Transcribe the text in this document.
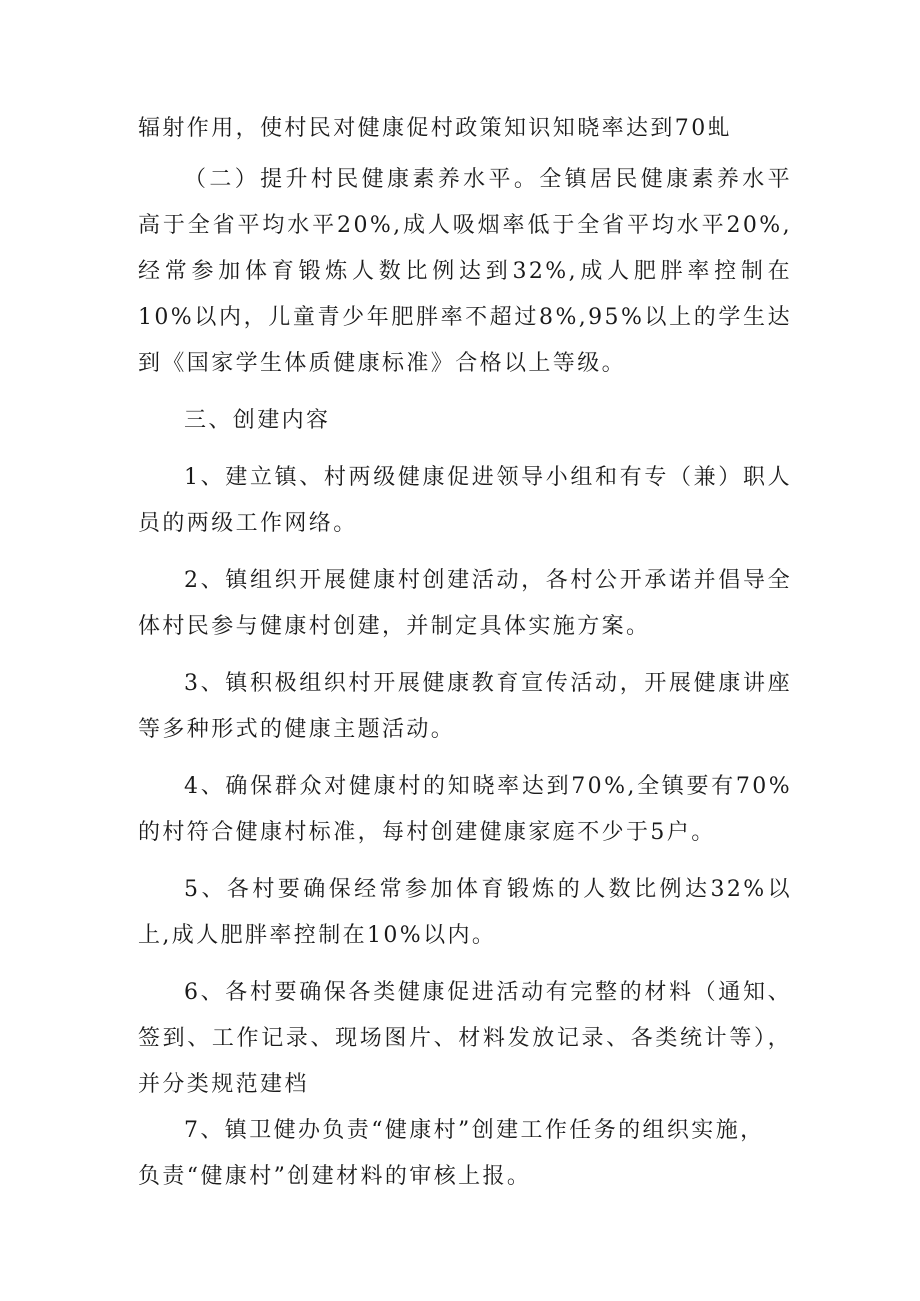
辐射作用，使村民对健康促村政策知识知晓率达到70虬

（二）提升村民健康素养水平。全镇居民健康素养水平高于全省平均水平20%,成人吸烟率低于全省平均水平20%,经常参加体育锻炼人数比例达到32%,成人肥胖率控制在10%以内，儿童青少年肥胖率不超过8%,95%以上的学生达到《国家学生体质健康标准》合格以上等级。

三、创建内容

1、建立镇、村两级健康促进领导小组和有专（兼）职人员的两级工作网络。

2、镇组织开展健康村创建活动，各村公开承诺并倡导全体村民参与健康村创建，并制定具体实施方案。

3、镇积极组织村开展健康教育宣传活动，开展健康讲座等多种形式的健康主题活动。

4、确保群众对健康村的知晓率达到70%,全镇要有70%的村符合健康村标准，每村创建健康家庭不少于5户。

5、各村要确保经常参加体育锻炼的人数比例达32%以上,成人肥胖率控制在10%以内。

6、各村要确保各类健康促进活动有完整的材料（通知、签到、工作记录、现场图片、材料发放记录、各类统计等），并分类规范建档

7、镇卫健办负责“健康村”创建工作任务的组织实施，

负责“健康村”创建材料的审核上报。
